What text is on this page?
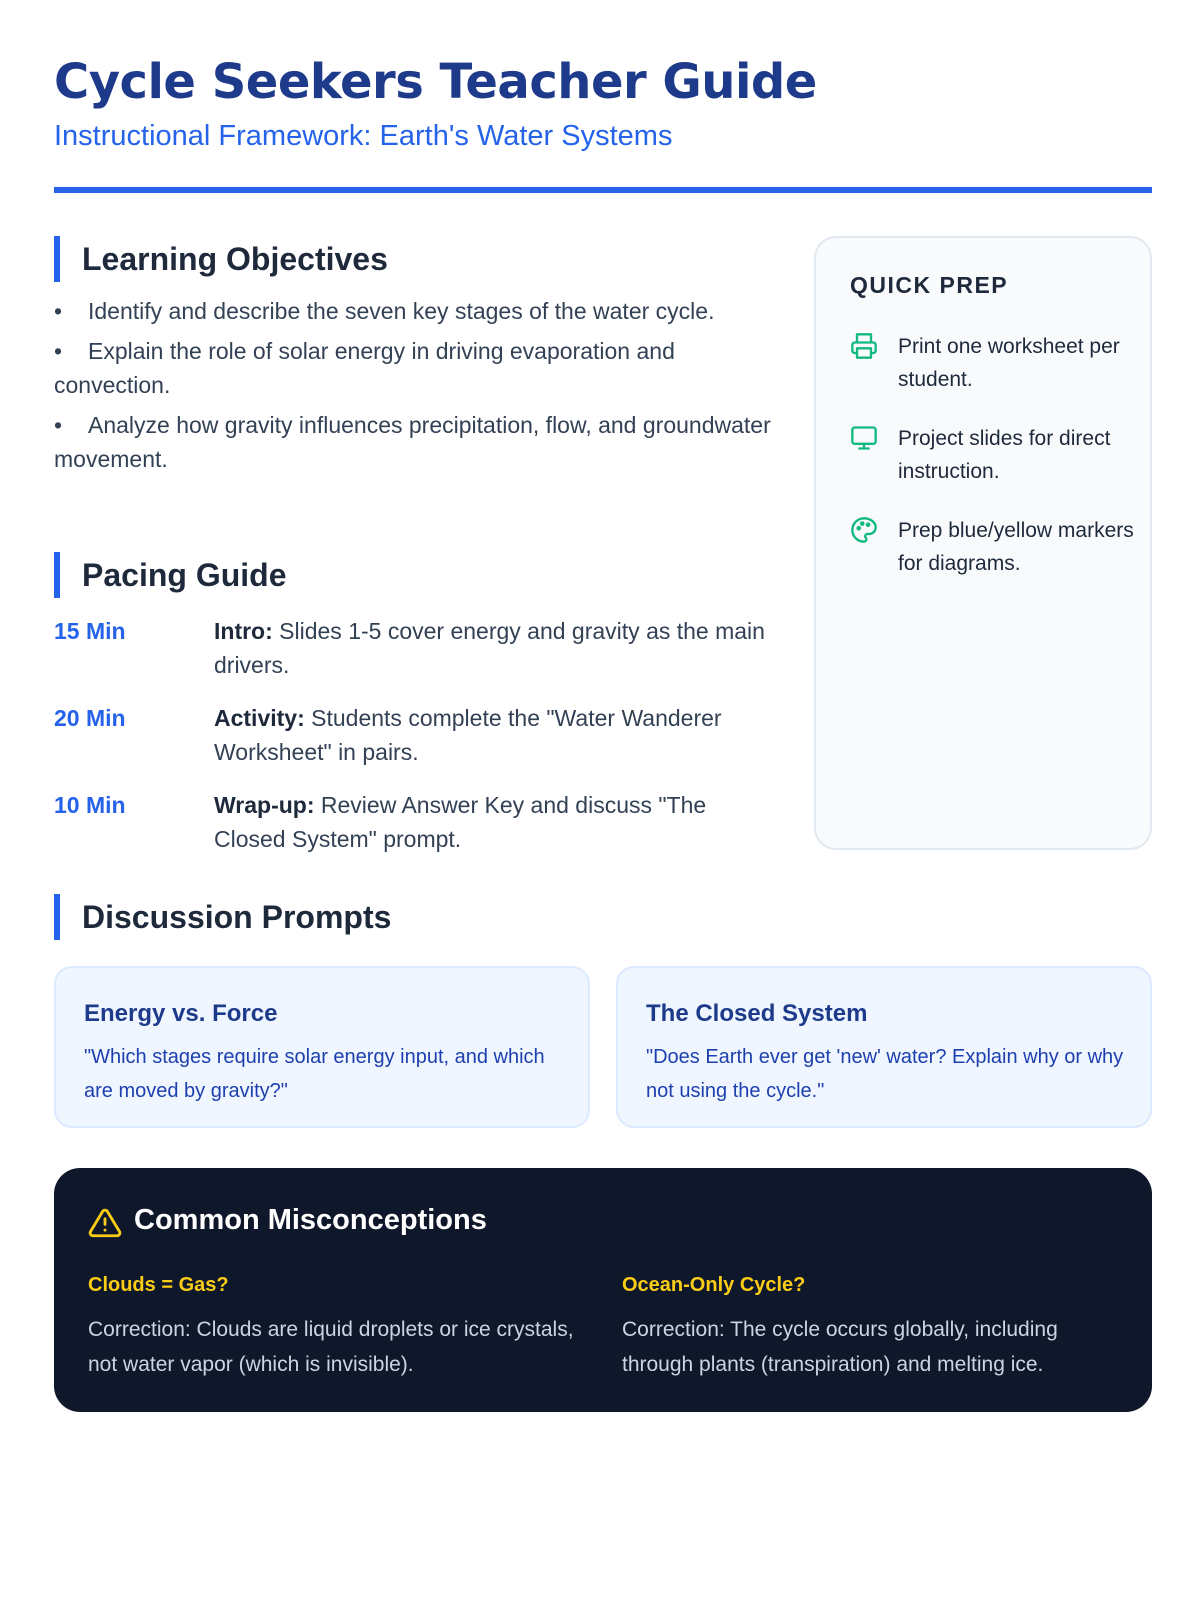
Cycle Seekers Teacher Guide
Instructional Framework: Earth's Water Systems
Learning Objectives
• Identify and describe the seven key stages of the water cycle.
• Explain the role of solar energy in driving evaporation and convection.
• Analyze how gravity influences precipitation, flow, and groundwater movement.
Pacing Guide
15 Min	Intro: Slides 1-5 cover energy and gravity as the main drivers.
20 Min	Activity: Students complete the "Water Wanderer Worksheet" in pairs.
10 Min	Wrap-up: Review Answer Key and discuss "The Closed System" prompt.
QUICK PREP
Print one worksheet per student.
Project slides for direct instruction.
Prep blue/yellow markers for diagrams.
Discussion Prompts
Energy vs. Force
"Which stages require solar energy input, and which are moved by gravity?"
The Closed System
"Does Earth ever get 'new' water? Explain why or why not using the cycle."
Common Misconceptions
Clouds = Gas?
Correction: Clouds are liquid droplets or ice crystals, not water vapor (which is invisible).
Ocean-Only Cycle?
Correction: The cycle occurs globally, including through plants (transpiration) and melting ice.
